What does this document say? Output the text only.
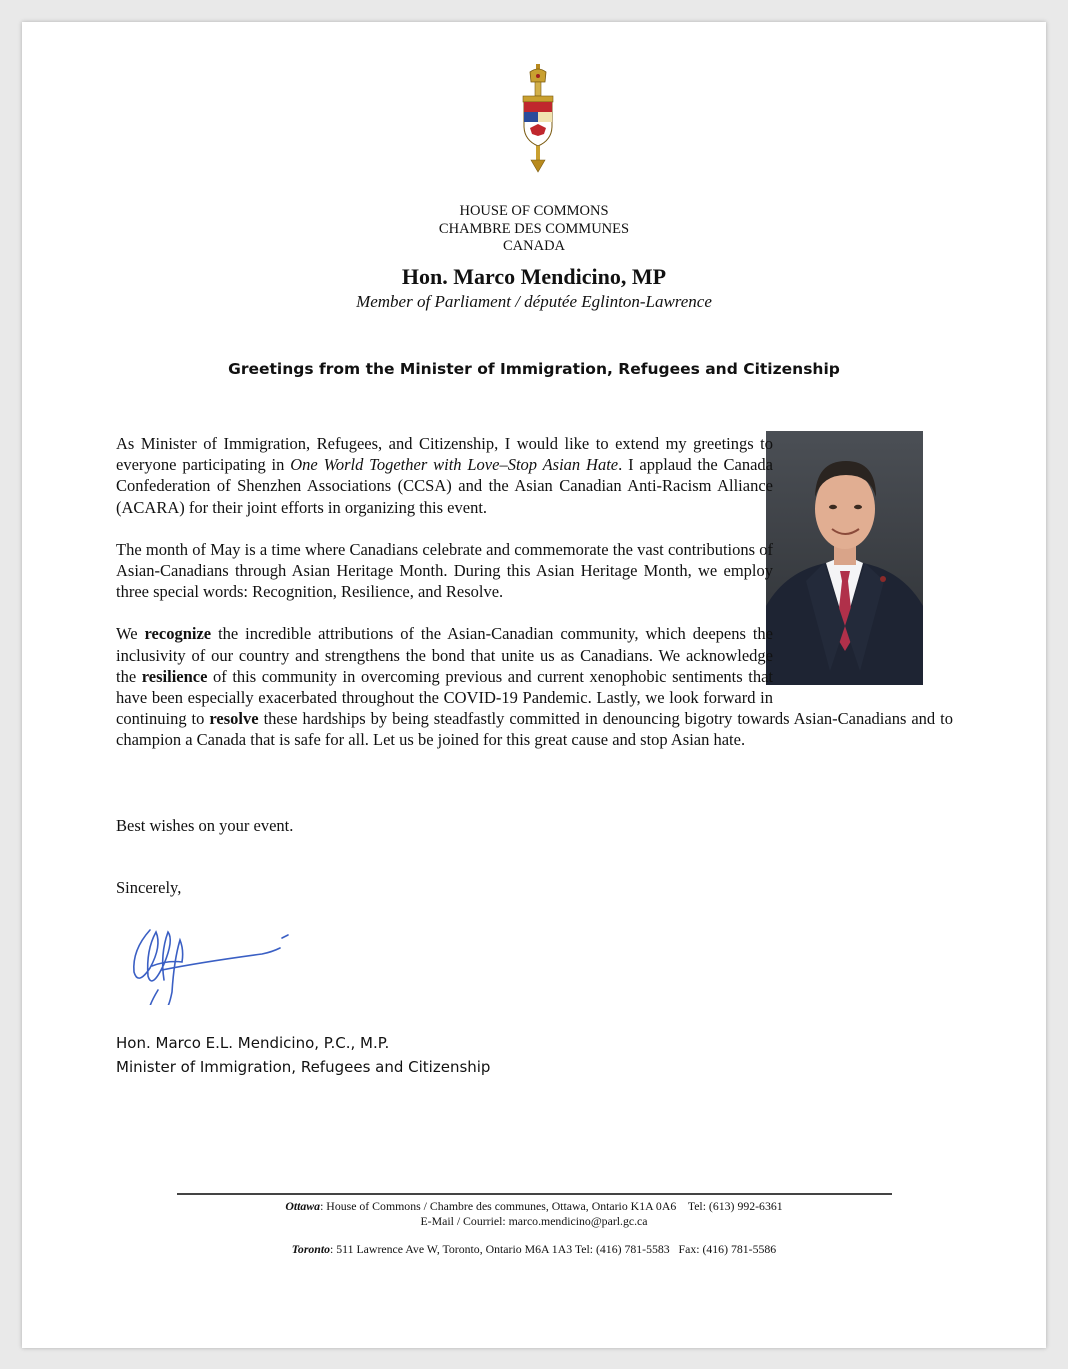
HOUSE OF COMMONS
CHAMBRE DES COMMUNES
CANADA
Hon. Marco Mendicino, MP
Member of Parliament / députée Eglinton-Lawrence
Greetings from the Minister of Immigration, Refugees and Citizenship

As Minister of Immigration, Refugees, and Citizenship, I would like to extend my greetings to everyone participating in One World Together with Love–Stop Asian Hate. I applaud the Canada Confederation of Shenzhen Associations (CCSA) and the Asian Canadian Anti-Racism Alliance (ACARA) for their joint efforts in organizing this event.

The month of May is a time where Canadians celebrate and commemorate the vast contributions of Asian-Canadians through Asian Heritage Month. During this Asian Heritage Month, we employ three special words: Recognition, Resilience, and Resolve.

We recognize the incredible attributions of the Asian-Canadian community, which deepens the inclusivity of our country and strengthens the bond that unite us as Canadians. We acknowledge the resilience of this community in overcoming previous and current xenophobic sentiments that have been especially exacerbated throughout the COVID-19 Pandemic. Lastly, we look forward in continuing to resolve these hardships by being steadfastly committed in denouncing bigotry towards Asian-Canadians and to champion a Canada that is safe for all. Let us be joined for this great cause and stop Asian hate.

Best wishes on your event.
Sincerely,
Hon. Marco E.L. Mendicino, P.C., M.P.
Minister of Immigration, Refugees and Citizenship
Ottawa: House of Commons / Chambre des communes, Ottawa, Ontario K1A 0A6    Tel: (613) 992-6361
E-Mail / Courriel: marco.mendicino@parl.gc.ca
Toronto: 511 Lawrence Ave W, Toronto, Ontario M6A 1A3 Tel: (416) 781-5583   Fax: (416) 781-5586
